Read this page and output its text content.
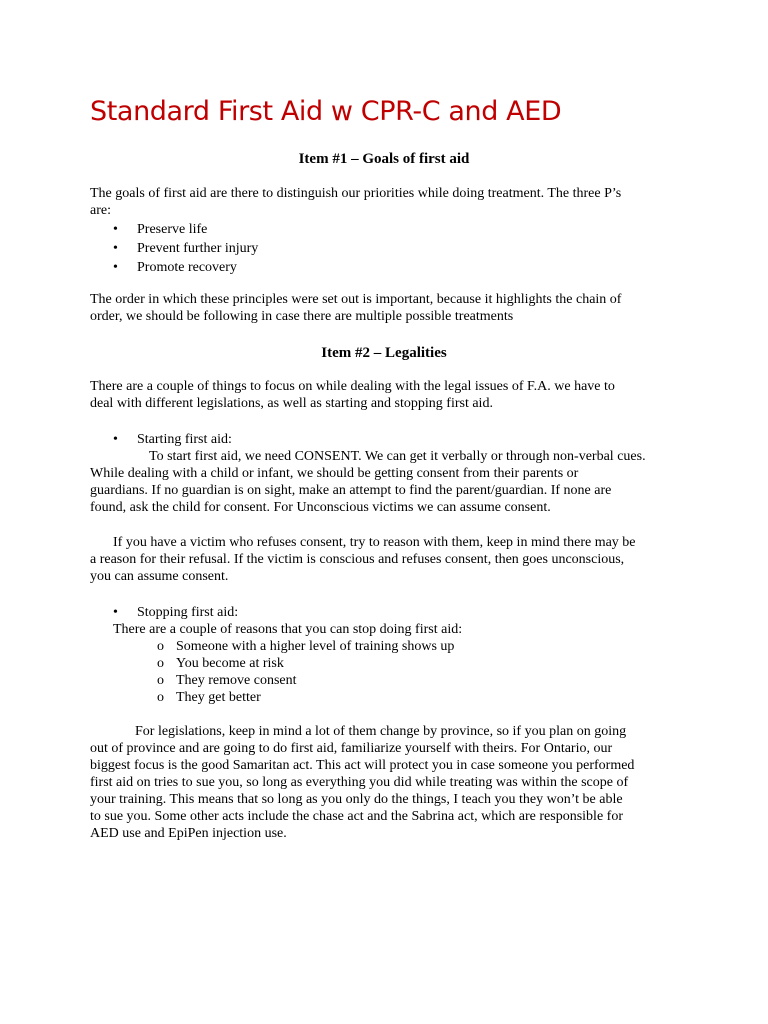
Standard First Aid w CPR-C and AED
Item #1 – Goals of first aid
The goals of first aid are there to distinguish our priorities while doing treatment. The three P’s
are:
•	Preserve life
•	Prevent further injury
•	Promote recovery
The order in which these principles were set out is important, because it highlights the chain of
order, we should be following in case there are multiple possible treatments
Item #2 – Legalities
There are a couple of things to focus on while dealing with the legal issues of F.A. we have to
deal with different legislations, as well as starting and stopping first aid.
•	Starting first aid:
To start first aid, we need CONSENT. We can get it verbally or through non-verbal cues.
While dealing with a child or infant, we should be getting consent from their parents or
guardians. If no guardian is on sight, make an attempt to find the parent/guardian. If none are
found, ask the child for consent. For Unconscious victims we can assume consent.
If you have a victim who refuses consent, try to reason with them, keep in mind there may be
a reason for their refusal. If the victim is conscious and refuses consent, then goes unconscious,
you can assume consent.
•	Stopping first aid:
There are a couple of reasons that you can stop doing first aid:
o Someone with a higher level of training shows up
o You become at risk
o They remove consent
o They get better
For legislations, keep in mind a lot of them change by province, so if you plan on going
out of province and are going to do first aid, familiarize yourself with theirs. For Ontario, our
biggest focus is the good Samaritan act. This act will protect you in case someone you performed
first aid on tries to sue you, so long as everything you did while treating was within the scope of
your training. This means that so long as you only do the things, I teach you they won’t be able
to sue you. Some other acts include the chase act and the Sabrina act, which are responsible for
AED use and EpiPen injection use.
